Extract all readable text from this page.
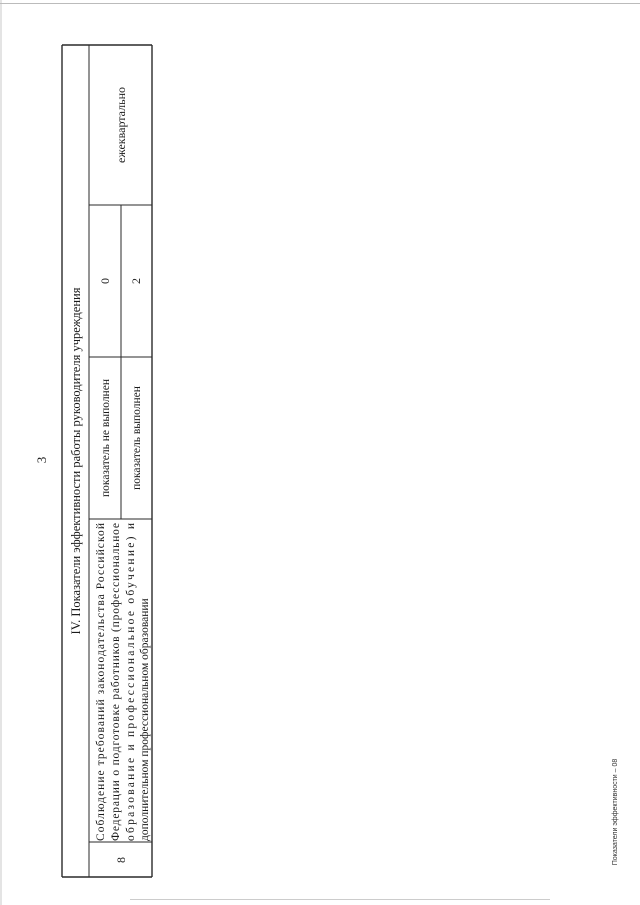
3 IV. Показатели эффективности работы руководителя учреждения
8
Соблюдение требований законодательства Российской
Федерации о подготовке работников (профессиональное
образование и профессиональное обучение) и
дополнительном профессиональном образовании
показатель не выполнен показатель выполнен
0 2
ежеквартально
Показатели эффективности – 08
